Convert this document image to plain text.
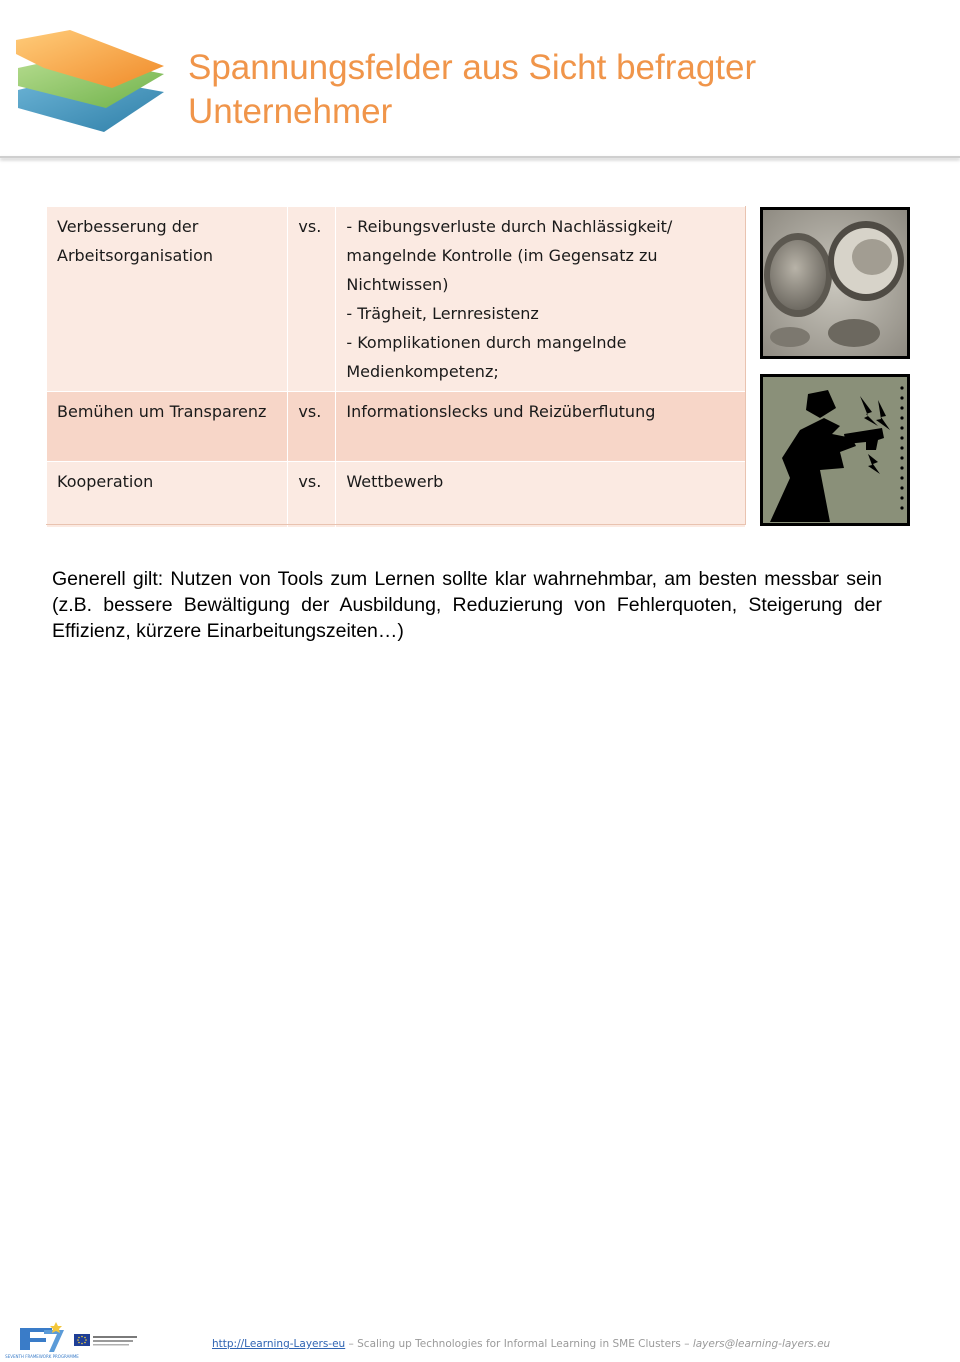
Spannungsfelder aus Sicht befragter
Unternehmer
Verbesserung der Arbeitsorganisation	vs.	- Reibungsverluste durch Nachlässigkeit/ mangelnde Kontrolle (im Gegensatz zu Nichtwissen)
- Trägheit, Lernresistenz
- Komplikationen durch mangelnde Medienkompetenz;

Bemühen um Transparenz	vs.	Informationslecks und Reizüberflutung
Kooperation	vs.	Wettbewerb
Generell gilt: Nutzen von Tools zum Lernen sollte klar wahrnehmbar, am besten messbar sein (z.B. bessere Bewältigung der Ausbildung, Reduzierung von Fehlerquoten, Steigerung der Effizienz, kürzere Einarbeitungszeiten…)
SEVENTH FRAMEWORK PROGRAMME
http://Learning-Layers-eu – Scaling up Technologies for Informal Learning in SME Clusters – layers@learning-layers.eu
